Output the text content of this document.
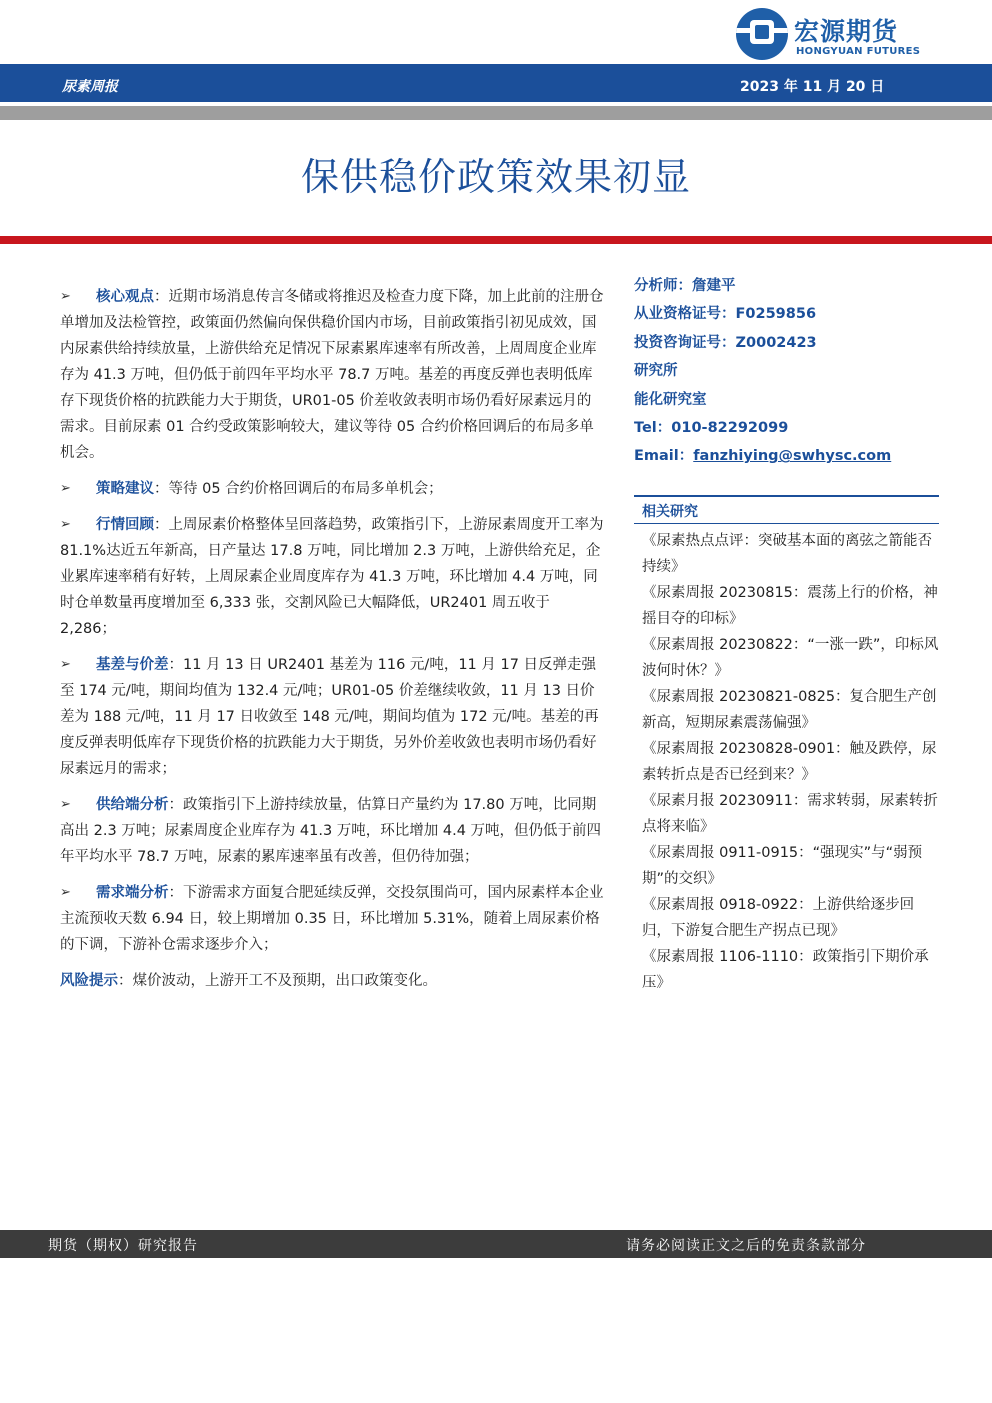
宏源期货
HONGYUAN FUTURES
尿素周报	2023 年 11 月 20 日
保供稳价政策效果初显
➢ 核心观点：近期市场消息传言冬储或将推迟及检查力度下降，加上此前的注册仓单增加及法检管控，政策面仍然偏向保供稳价国内市场，目前政策指引初见成效，国内尿素供给持续放量，上游供给充足情况下尿素累库速率有所改善，上周周度企业库存为 41.3 万吨，但仍低于前四年平均水平 78.7 万吨。基差的再度反弹也表明低库存下现货价格的抗跌能力大于期货，UR01-05 价差收敛表明市场仍看好尿素远月的需求。目前尿素 01 合约受政策影响较大，建议等待 05 合约价格回调后的布局多单机会。
➢ 策略建议：等待 05 合约价格回调后的布局多单机会；
➢ 行情回顾：上周尿素价格整体呈回落趋势，政策指引下，上游尿素周度开工率为 81.1%达近五年新高，日产量达 17.8 万吨，同比增加 2.3 万吨，上游供给充足，企业累库速率稍有好转，上周尿素企业周度库存为 41.3 万吨，环比增加 4.4 万吨，同时仓单数量再度增加至 6,333 张，交割风险已大幅降低，UR2401 周五收于 2,286；
➢ 基差与价差：11 月 13 日 UR2401 基差为 116 元/吨，11 月 17 日反弹走强至 174 元/吨，期间均值为 132.4 元/吨；UR01-05 价差继续收敛，11 月 13 日价差为 188 元/吨，11 月 17 日收敛至 148 元/吨，期间均值为 172 元/吨。基差的再度反弹表明低库存下现货价格的抗跌能力大于期货，另外价差收敛也表明市场仍看好尿素远月的需求；
➢ 供给端分析：政策指引下上游持续放量，估算日产量约为 17.80 万吨，比同期高出 2.3 万吨；尿素周度企业库存为 41.3 万吨，环比增加 4.4 万吨，但仍低于前四年平均水平 78.7 万吨，尿素的累库速率虽有改善，但仍待加强；
➢ 需求端分析：下游需求方面复合肥延续反弹，交投氛围尚可，国内尿素样本企业主流预收天数 6.94 日，较上期增加 0.35 日，环比增加 5.31%，随着上周尿素价格的下调，下游补仓需求逐步介入；
风险提示：煤价波动，上游开工不及预期，出口政策变化。
分析师：詹建平
从业资格证号：F0259856
投资咨询证号：Z0002423
研究所
能化研究室
Tel：010-82292099
Email：fanzhiying@swhysc.com
相关研究

《尿素热点点评：突破基本面的离弦之箭能否持续》

《尿素周报 20230815：震荡上行的价格，神摇目夺的印标》

《尿素周报 20230822：“一涨一跌”，印标风波何时休？》

《尿素周报 20230821-0825：复合肥生产创新高，短期尿素震荡偏强》

《尿素周报 20230828-0901：触及跌停，尿素转折点是否已经到来？》

《尿素月报 20230911：需求转弱，尿素转折点将来临》

《尿素周报 0911-0915：“强现实”与“弱预期”的交织》

《尿素周报 0918-0922：上游供给逐步回归，下游复合肥生产拐点已现》

《尿素周报 1106-1110：政策指引下期价承压》

期货（期权）研究报告	请务必阅读正文之后的免责条款部分
